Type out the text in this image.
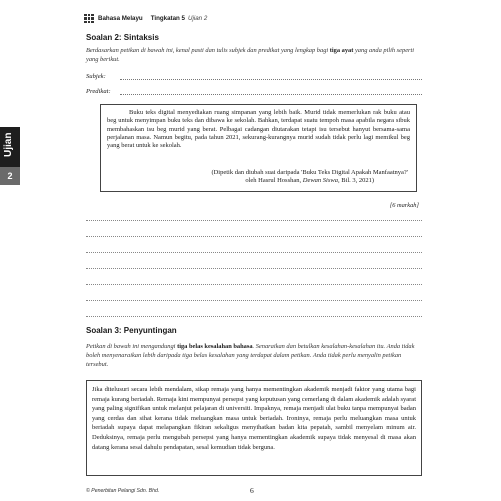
Bahasa Melayu Tingkatan 5 Ujian 2
Ujian
2
Soalan 2: Sintaksis
Berdasarkan petikan di bawah ini, kenal pasti dan tulis subjek dan predikat yang lengkap bagi tiga ayat yang anda pilih seperti yang berikut.
Subjek:
Predikat:

Buku teks digital menyediakan ruang simpanan yang lebih baik. Murid tidak memerlukan rak buku atau beg untuk menyimpan buku teks dan dibawa ke sekolah. Bahkan, terdapat suatu tempoh masa apabila negara sibuk membahaskan isu beg murid yang berat. Pelbagai cadangan diutarakan tetapi isu tersebut hanyut bersama-sama perjalanan masa. Namun begitu, pada tahun 2021, sekurang-kurangnya murid sudah tidak perlu lagi memikul beg yang berat untuk ke sekolah.

(Dipetik dan diubah suai daripada 'Buku Teks Digital Apakah Manfaatnya?'
oleh Hasrul Hosshan, Dewan Siswa, Bil. 3, 2021)
[6 markah]
Soalan 3: Penyuntingan
Petikan di bawah ini mengandungi tiga belas kesalahan bahasa. Senaraikan dan betulkan kesalahan-kesalahan itu. Anda tidak boleh menyenaraikan lebih daripada tiga belas kesalahan yang terdapat dalam petikan. Anda tidak perlu menyalin petikan tersebut.

Jika ditelusuri secara lebih mendalam, sikap remaja yang hanya mementingkan akademik menjadi faktor yang utama bagi remaja kurang beriadah. Remaja kini mempunyai persepsi yang keputusan yang cemerlang di dalam akademik adalah syarat yang paling signifikan untuk melanjut pelajaran di universiti. Impaknya, remaja menjadi ulat buku tanpa mempunyai badan yang cerdas dan sihat kerana tidak meluangkan masa untuk beriadah. Ironinya, remaja perlu meluangkan masa untuk beriadah supaya dapat melapangkan fikiran sekaligus menyihatkan badan kita pepatah, sambil menyelam minum air. Deduksinya, remaja perlu mengubah persepsi yang hanya mementingkan akademik supaya tidak menyesal di masa akan datang kerana sesal dahulu pendapatan, sesal kemudian tidak berguna.

© Penerbitan Pelangi Sdn. Bhd.	6
